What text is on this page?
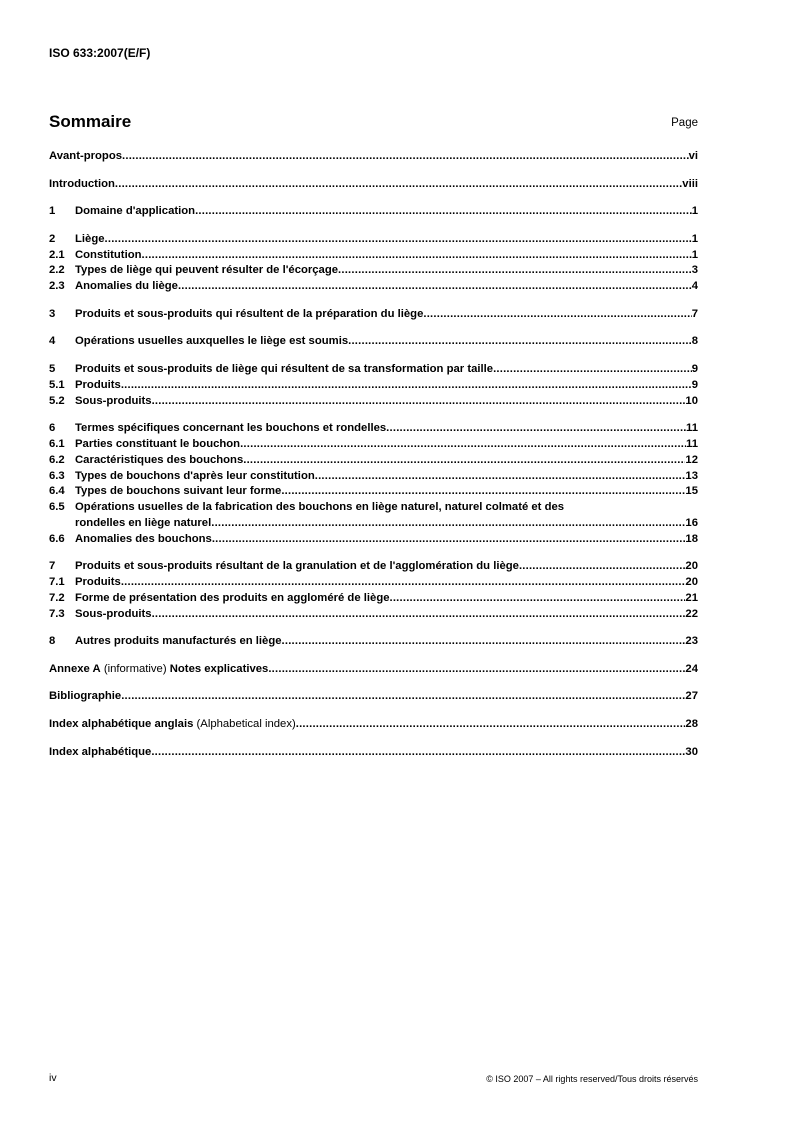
ISO 633:2007(E/F)
Sommaire	Page
Avant-propos .....	vi
Introduction .....	viii
1	Domaine d'application .....	1
2	Liège .....	1
2.1 Constitution .....	1
2.2 Types de liège qui peuvent résulter de l'écorçage .....	3
2.3 Anomalies du liège .....	4
3	Produits et sous-produits qui résultent de la préparation du liège .....	7
4	Opérations usuelles auxquelles le liège est soumis .....	8
5	Produits et sous-produits de liège qui résultent de sa transformation par taille .....	9
5.1 Produits .....	9
5.2 Sous-produits .....	10
6	Termes spécifiques concernant les bouchons et rondelles .....	11
6.1 Parties constituant le bouchon .....	11
6.2 Caractéristiques des bouchons .....	12
6.3 Types de bouchons d'après leur constitution .....	13
6.4 Types de bouchons suivant leur forme .....	15
6.5 Opérations usuelles de la fabrication des bouchons en liège naturel, naturel colmaté et des
rondelles en liège naturel .....	16
6.6 Anomalies des bouchons .....	18
7	Produits et sous-produits résultant de la granulation et de l'agglomération du liège .....	20
7.1 Produits .....	20
7.2 Forme de présentation des produits en aggloméré de liège .....	21
7.3 Sous-produits .....	22
8	Autres produits manufacturés en liège .....	23
Annexe A (informative) Notes explicatives .....	24
Bibliographie .....	27
Index alphabétique anglais (Alphabetical index) .....	28
Index alphabétique .....	30
iv	© ISO 2007 – All rights reserved/Tous droits réservés
